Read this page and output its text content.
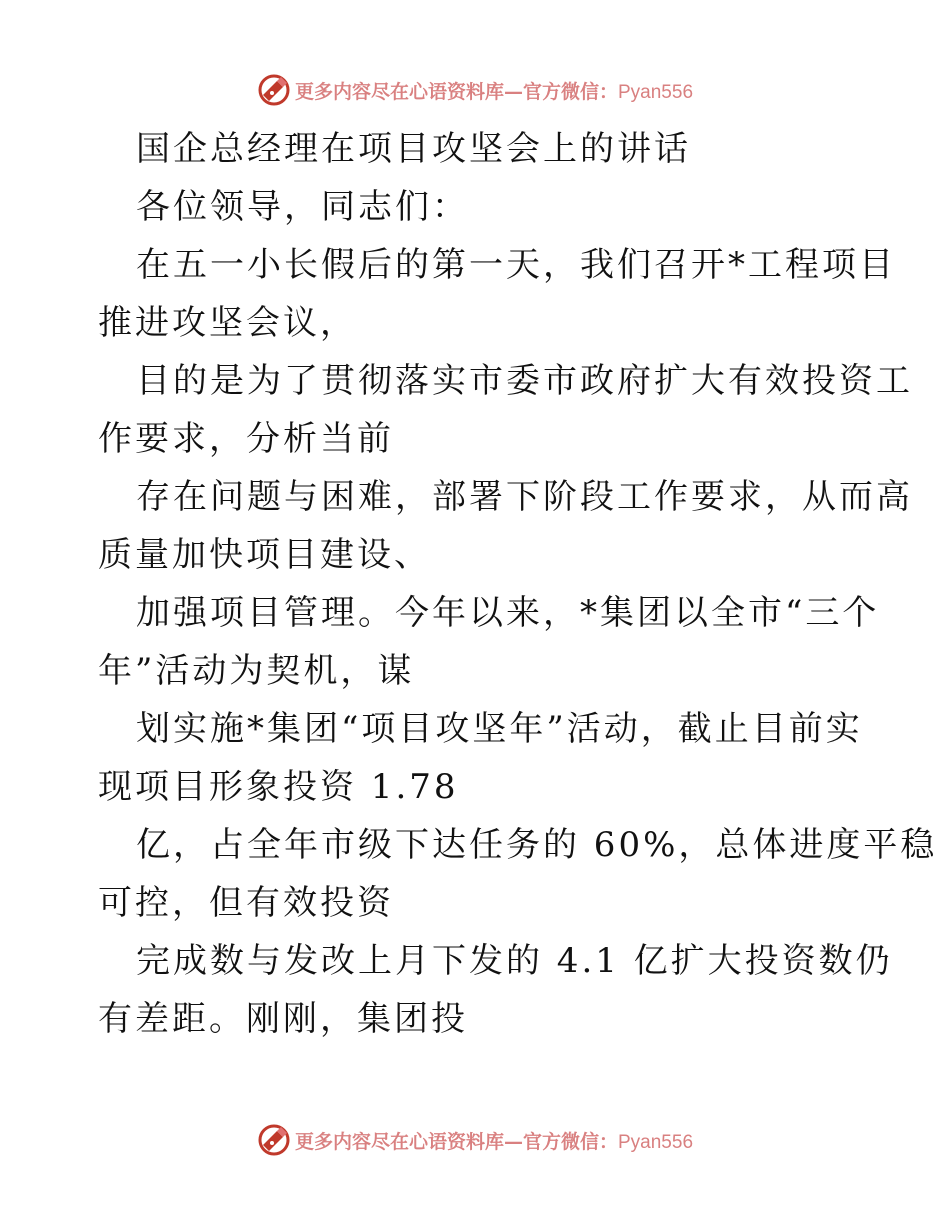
更多内容尽在心语资料库—官方微信：Pyan556
国企总经理在项目攻坚会上的讲话
各位领导，同志们：
在五一小长假后的第一天，我们召开*工程项目
推进攻坚会议，
目的是为了贯彻落实市委市政府扩大有效投资工
作要求，分析当前
存在问题与困难，部署下阶段工作要求，从而高
质量加快项目建设、
加强项目管理。今年以来，*集团以全市“三个
年”活动为契机，谋
划实施*集团“项目攻坚年”活动，截止目前实
现项目形象投资 1.78
亿，占全年市级下达任务的 60%，总体进度平稳
可控，但有效投资
完成数与发改上月下发的 4.1 亿扩大投资数仍
有差距。刚刚，集团投
更多内容尽在心语资料库—官方微信：Pyan556
